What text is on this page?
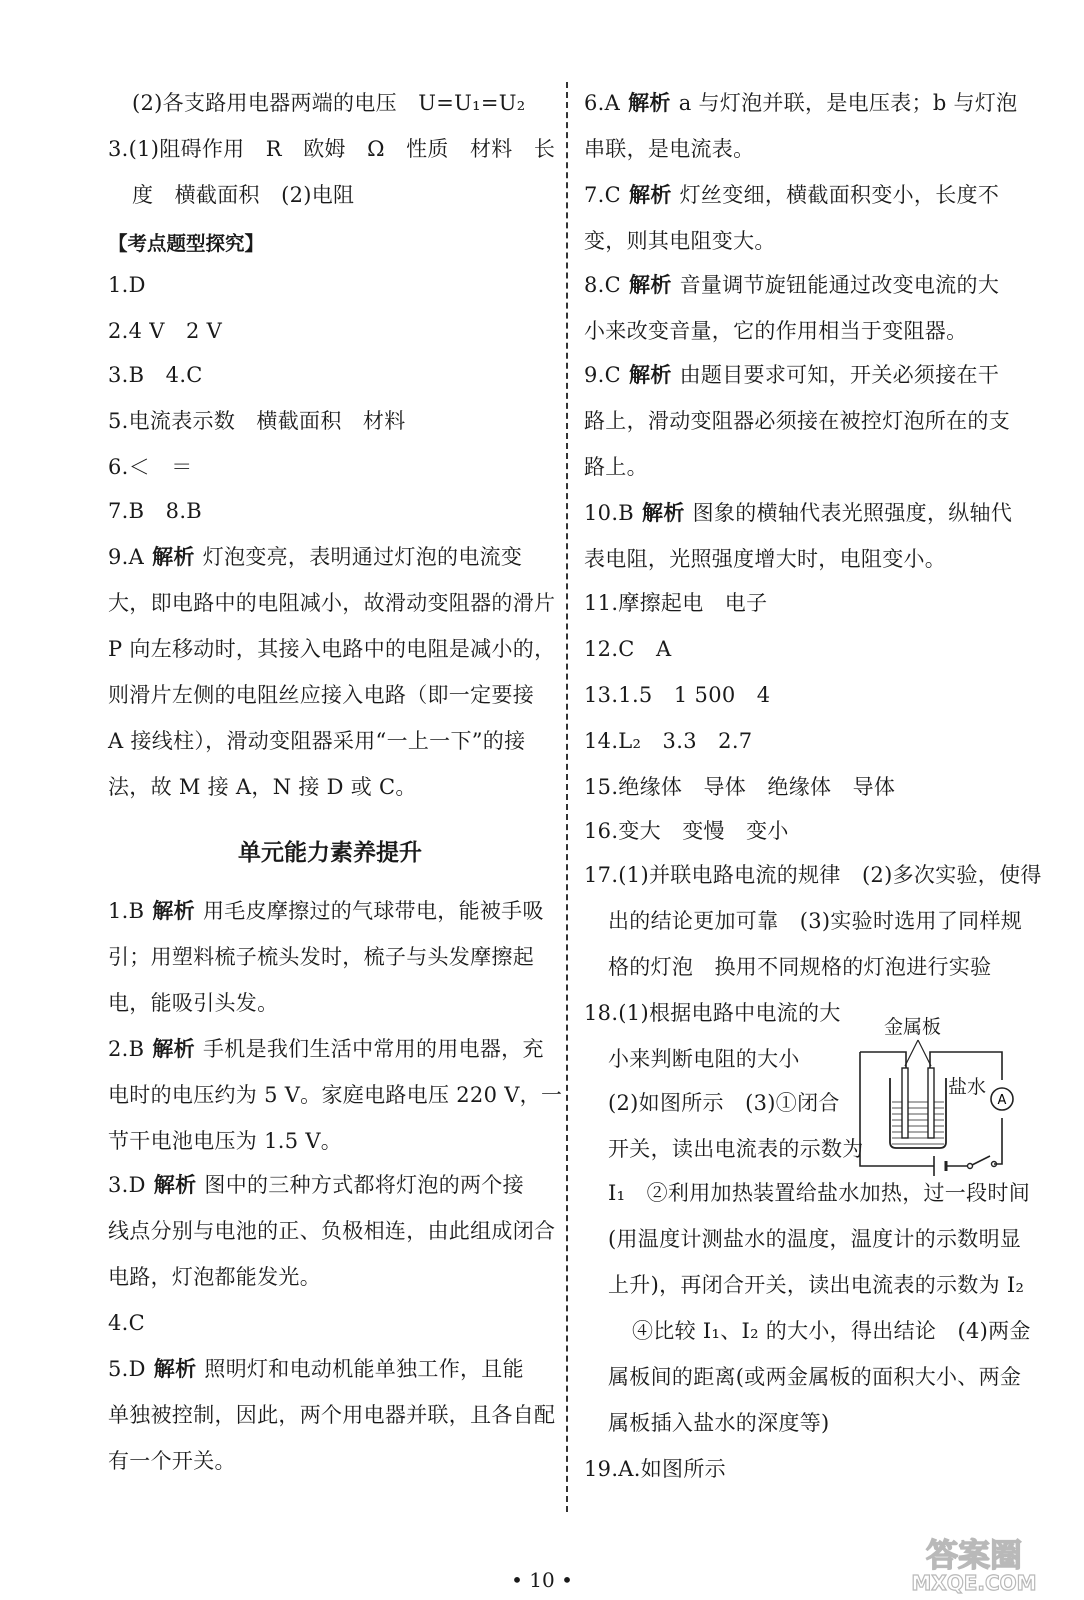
(2)各支路用电器两端的电压　U=U₁=U₂
3.(1)阻碍作用　R　欧姆　Ω　性质　材料　长
度　横截面积　(2)电阻
【考点题型探究】
1.D
2.4 V　2 V
3.B　4.C
5.电流表示数　横截面积　材料
6.＜　＝
7.B　8.B
9.A 解析 灯泡变亮，表明通过灯泡的电流变
大，即电路中的电阻减小，故滑动变阻器的滑片
P 向左移动时，其接入电路中的电阻是减小的，
则滑片左侧的电阻丝应接入电路（即一定要接
A 接线柱），滑动变阻器采用“一上一下”的接
法，故 M 接 A，N 接 D 或 C。
单元能力素养提升
1.B 解析 用毛皮摩擦过的气球带电，能被手吸
引；用塑料梳子梳头发时，梳子与头发摩擦起
电，能吸引头发。
2.B 解析 手机是我们生活中常用的用电器，充
电时的电压约为 5 V。家庭电路电压 220 V，一
节干电池电压为 1.5 V。
3.D 解析 图中的三种方式都将灯泡的两个接
线点分别与电池的正、负极相连，由此组成闭合
电路，灯泡都能发光。
4.C
5.D 解析 照明灯和电动机能单独工作，且能
单独被控制，因此，两个用电器并联，且各自配
有一个开关。
6.A 解析 a 与灯泡并联，是电压表；b 与灯泡
串联，是电流表。
7.C 解析 灯丝变细，横截面积变小，长度不
变，则其电阻变大。
8.C 解析 音量调节旋钮能通过改变电流的大
小来改变音量，它的作用相当于变阻器。
9.C 解析 由题目要求可知，开关必须接在干
路上，滑动变阻器必须接在被控灯泡所在的支
路上。
10.B 解析 图象的横轴代表光照强度，纵轴代
表电阻，光照强度增大时，电阻变小。
11.摩擦起电　电子
12.C　A
13.1.5　1 500　4
14.L₂　3.3　2.7
15.绝缘体　导体　绝缘体　导体
16.变大　变慢　变小
17.(1)并联电路电流的规律　(2)多次实验，使得
出的结论更加可靠　(3)实验时选用了同样规
格的灯泡　换用不同规格的灯泡进行实验
18.(1)根据电路中电流的大
小来判断电阻的大小
(2)如图所示　(3)①闭合
开关，读出电流表的示数为
I₁　②利用加热装置给盐水加热，过一段时间
(用温度计测盐水的温度，温度计的示数明显
上升)，再闭合开关，读出电流表的示数为 I₂
④比较 I₁、I₂ 的大小，得出结论　(4)两金
属板间的距离(或两金属板的面积大小、两金
属板插入盐水的深度等)
19.A.如图所示
金属板
A
盐水
• 10 •
答案圈
MXQE.COM
